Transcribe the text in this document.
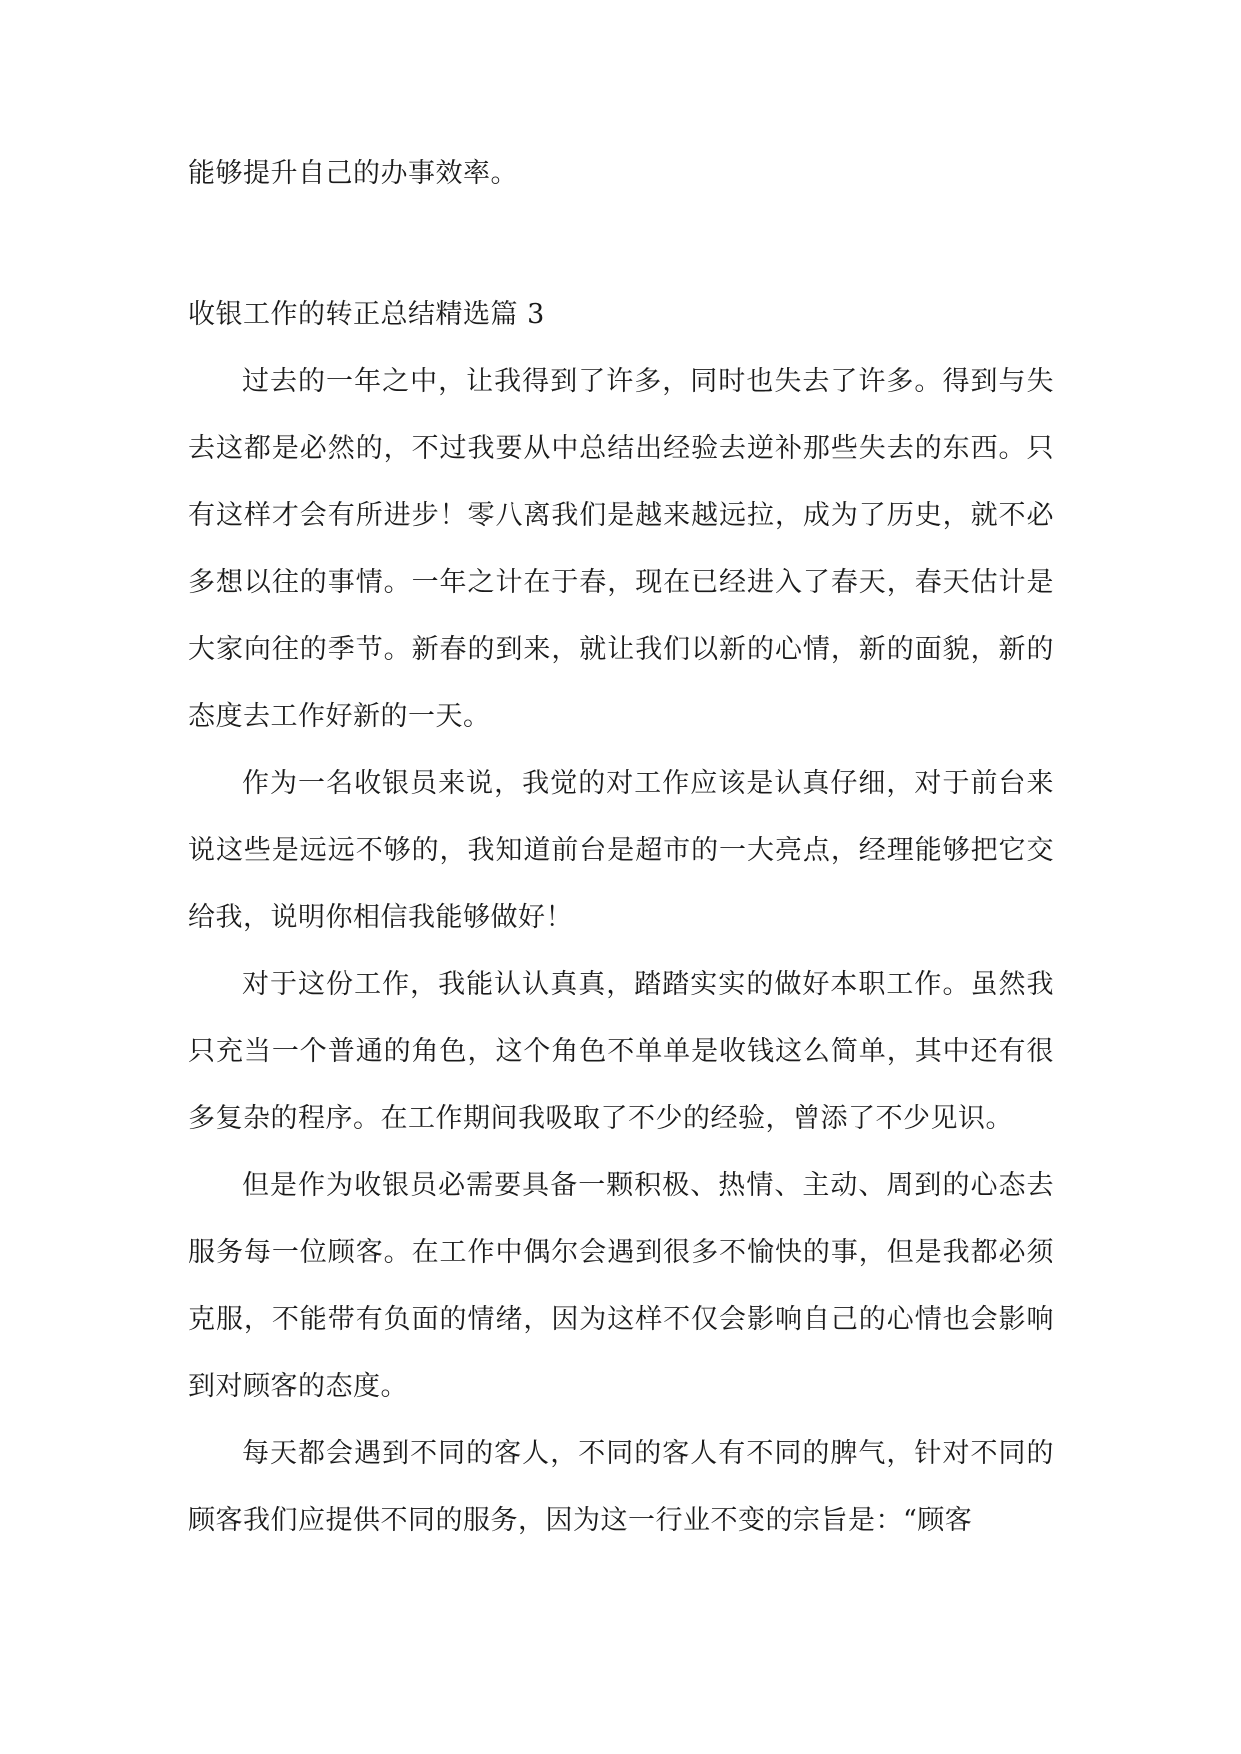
能够提升自己的办事效率。

收银工作的转正总结精选篇 3

过去的一年之中，让我得到了许多，同时也失去了许多。得到与失去这都是必然的，不过我要从中总结出经验去逆补那些失去的东西。只有这样才会有所进步！零八离我们是越来越远拉，成为了历史，就不必多想以往的事情。一年之计在于春，现在已经进入了春天，春天估计是大家向往的季节。新春的到来，就让我们以新的心情，新的面貌，新的态度去工作好新的一天。

作为一名收银员来说，我觉的对工作应该是认真仔细，对于前台来说这些是远远不够的，我知道前台是超市的一大亮点，经理能够把它交给我，说明你相信我能够做好！

对于这份工作，我能认认真真，踏踏实实的做好本职工作。虽然我只充当一个普通的角色，这个角色不单单是收钱这么简单，其中还有很多复杂的程序。在工作期间我吸取了不少的经验，曾添了不少见识。

但是作为收银员必需要具备一颗积极、热情、主动、周到的心态去服务每一位顾客。在工作中偶尔会遇到很多不愉快的事，但是我都必须克服，不能带有负面的情绪，因为这样不仅会影响自己的心情也会影响到对顾客的态度。

每天都会遇到不同的客人，不同的客人有不同的脾气，针对不同的顾客我们应提供不同的服务，因为这一行业不变的宗旨是：“顾客
